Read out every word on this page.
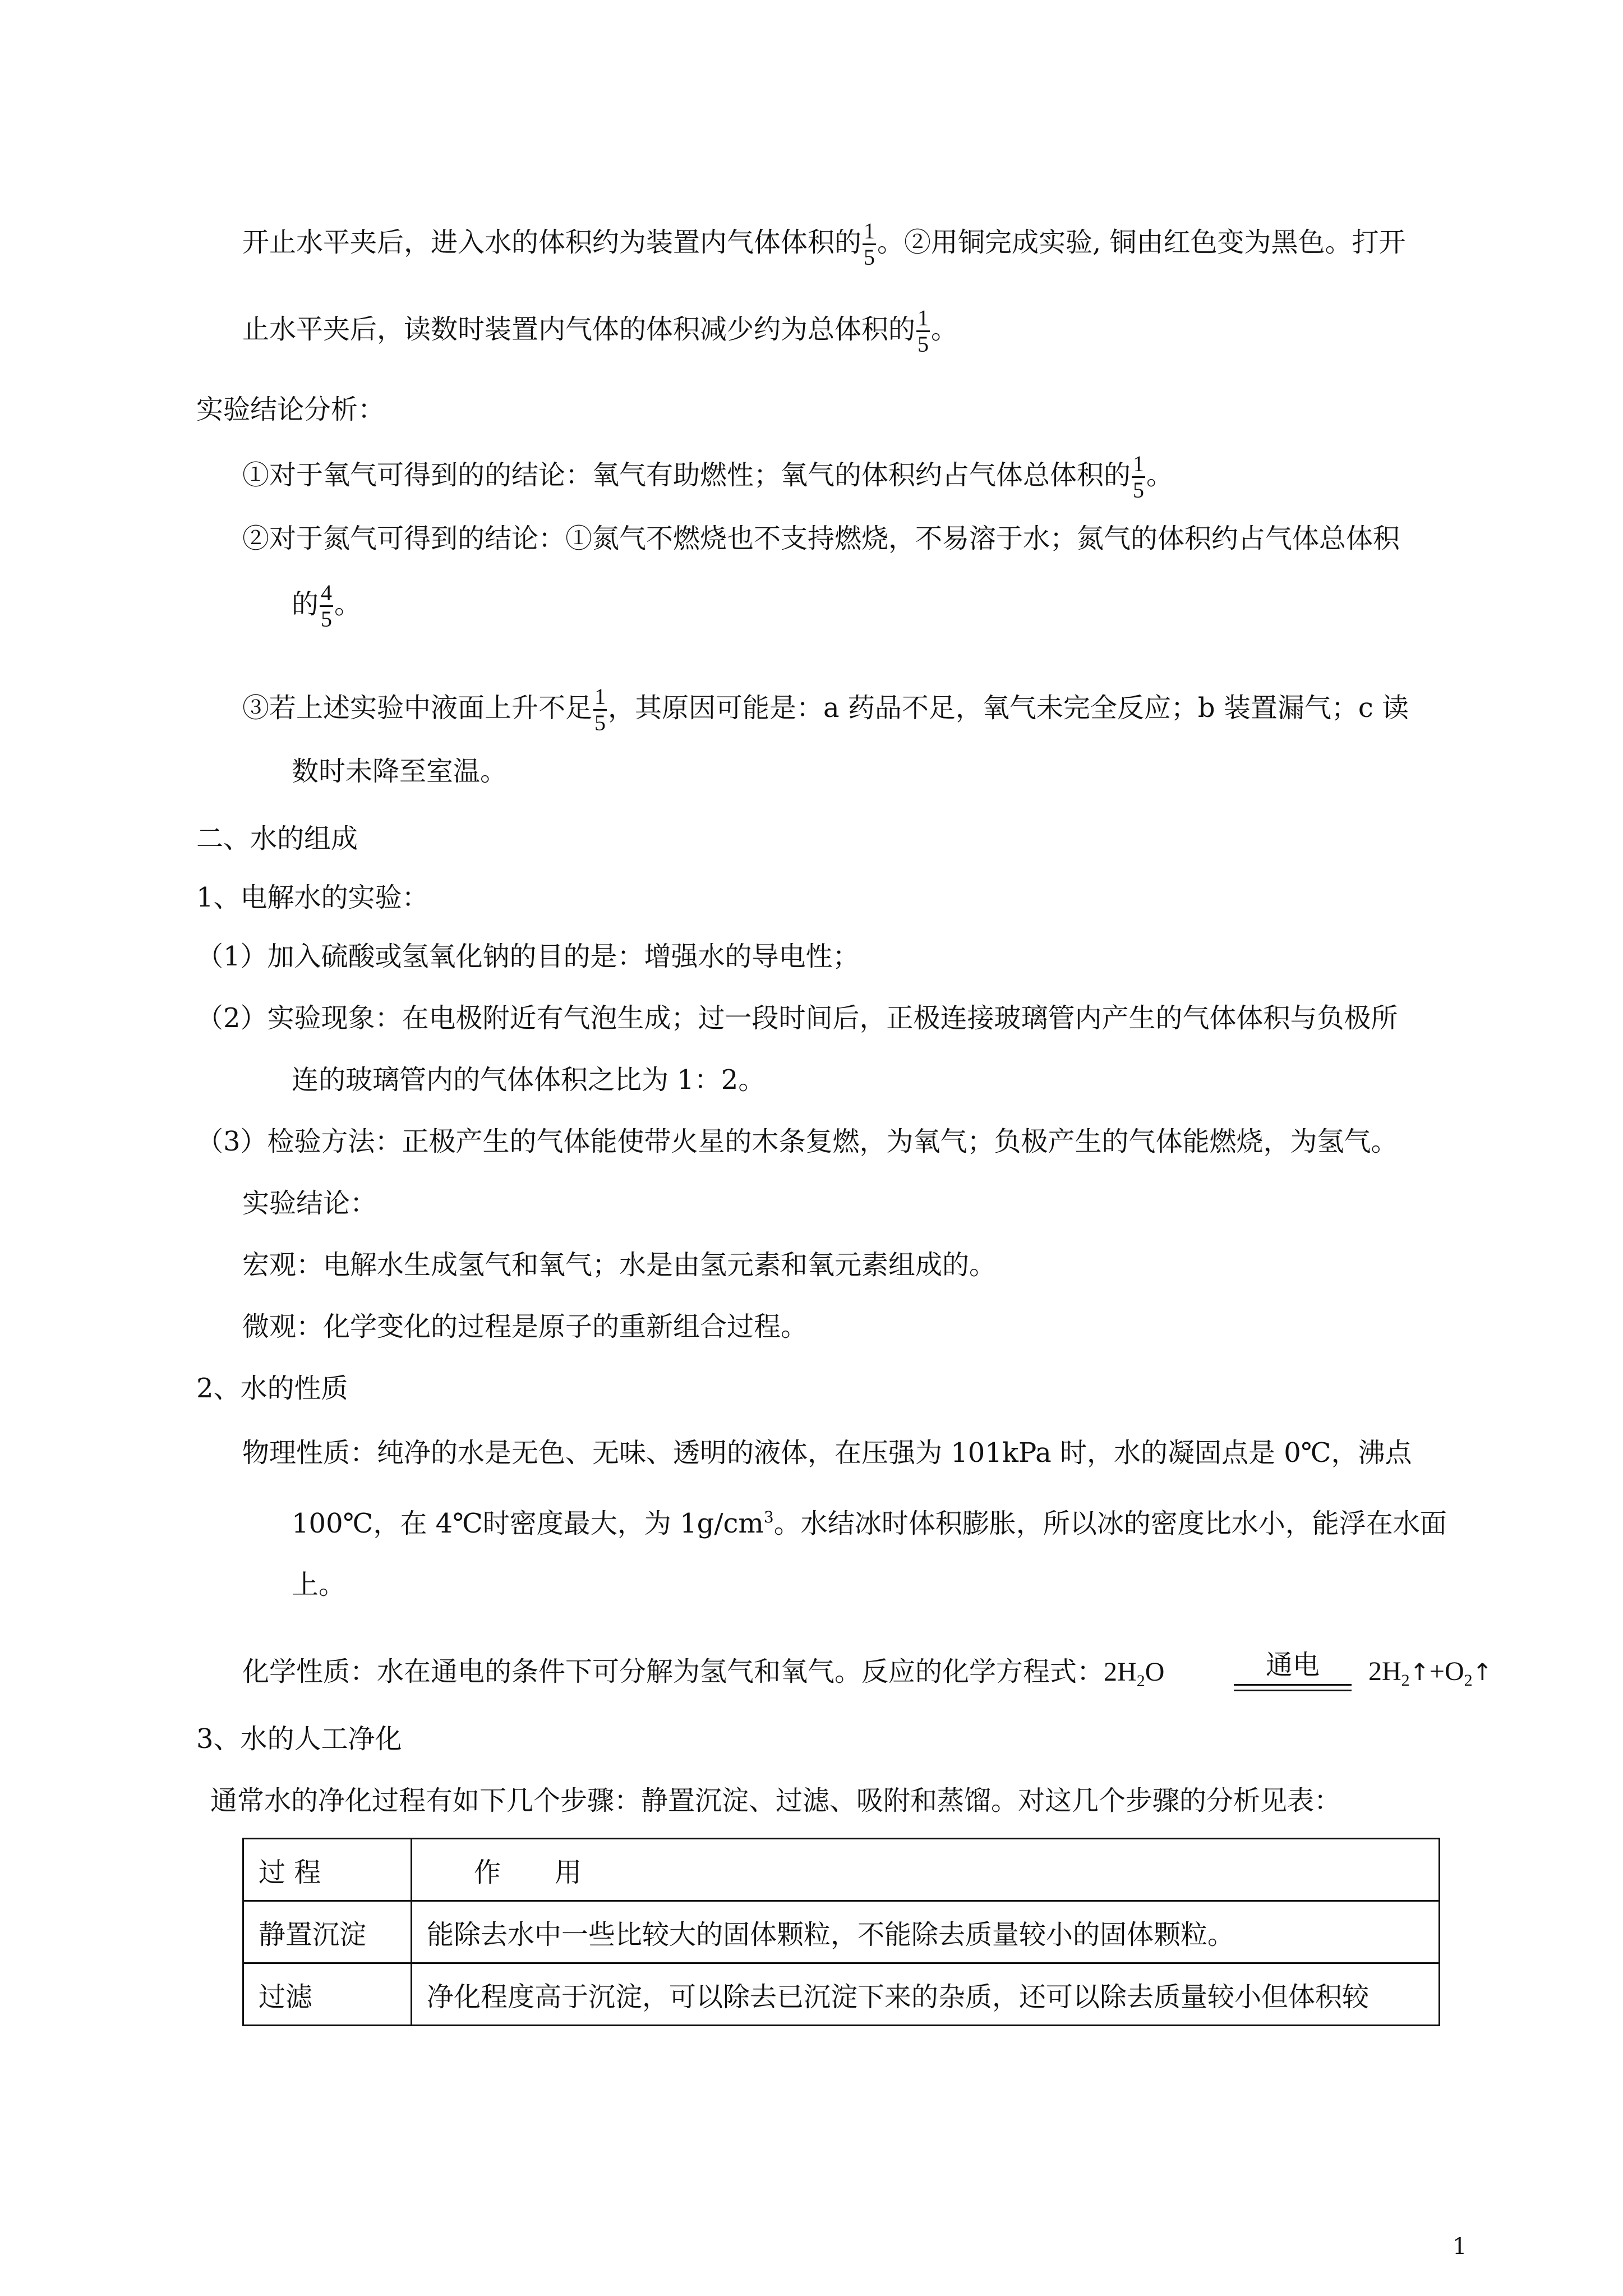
开止水平夹后，进入水的体积约为装置内气体体积的 $\frac{1}{5}$ 。②用铜完成实验, 铜由红色变为黑色。打开

止水平夹后，读数时装置内气体的体积减少约为总体积的 $\frac{1}{5}$ 。

实验结论分析：

①对于氧气可得到的的结论：氧气有助燃性；氧气的体积约占气体总体积的 $\frac{1}{5}$ 。

②对于氮气可得到的结论：①氮气不燃烧也不支持燃烧，不易溶于水；氮气的体积约占气体总体积

的 $\frac{4}{5}$ 。

③若上述实验中液面上升不足 $\frac{1}{5}$ ，其原因可能是：a 药品不足，氧气未完全反应；b 装置漏气；c 读

数时未降至室温。

二、水的组成

1、电解水的实验：

（1）加入硫酸或氢氧化钠的目的是：增强水的导电性；

（2）实验现象：在电极附近有气泡生成；过一段时间后，正极连接玻璃管内产生的气体体积与负极所

连的玻璃管内的气体体积之比为 1：2。

（3）检验方法：正极产生的气体能使带火星的木条复燃，为氧气；负极产生的气体能燃烧，为氢气。

实验结论：

宏观：电解水生成氢气和氧气；水是由氢元素和氧元素组成的。

微观：化学变化的过程是原子的重新组合过程。

2、水的性质

物理性质：纯净的水是无色、无味、透明的液体，在压强为 101kPa 时，水的凝固点是 0℃，沸点

100℃，在 4℃时密度最大，为 $1g/cm^3$。水结冰时体积膨胀，所以冰的密度比水小，能浮在水面

上。

化学性质：水在通电的条件下可分解为氢气和氧气。反应的化学方程式：$2H_2O$	通电	$2H_2↑+O_2↑$

3、水的人工净化

通常水的净化过程有如下几个步骤：静置沉淀、过滤、吸附和蒸馏。对这几个步骤的分析见表：

过 程	作　　用
静置沉淀	能除去水中一些比较大的固体颗粒，不能除去质量较小的固体颗粒。
过滤	净化程度高于沉淀，可以除去已沉淀下来的杂质，还可以除去质量较小但体积较
1
